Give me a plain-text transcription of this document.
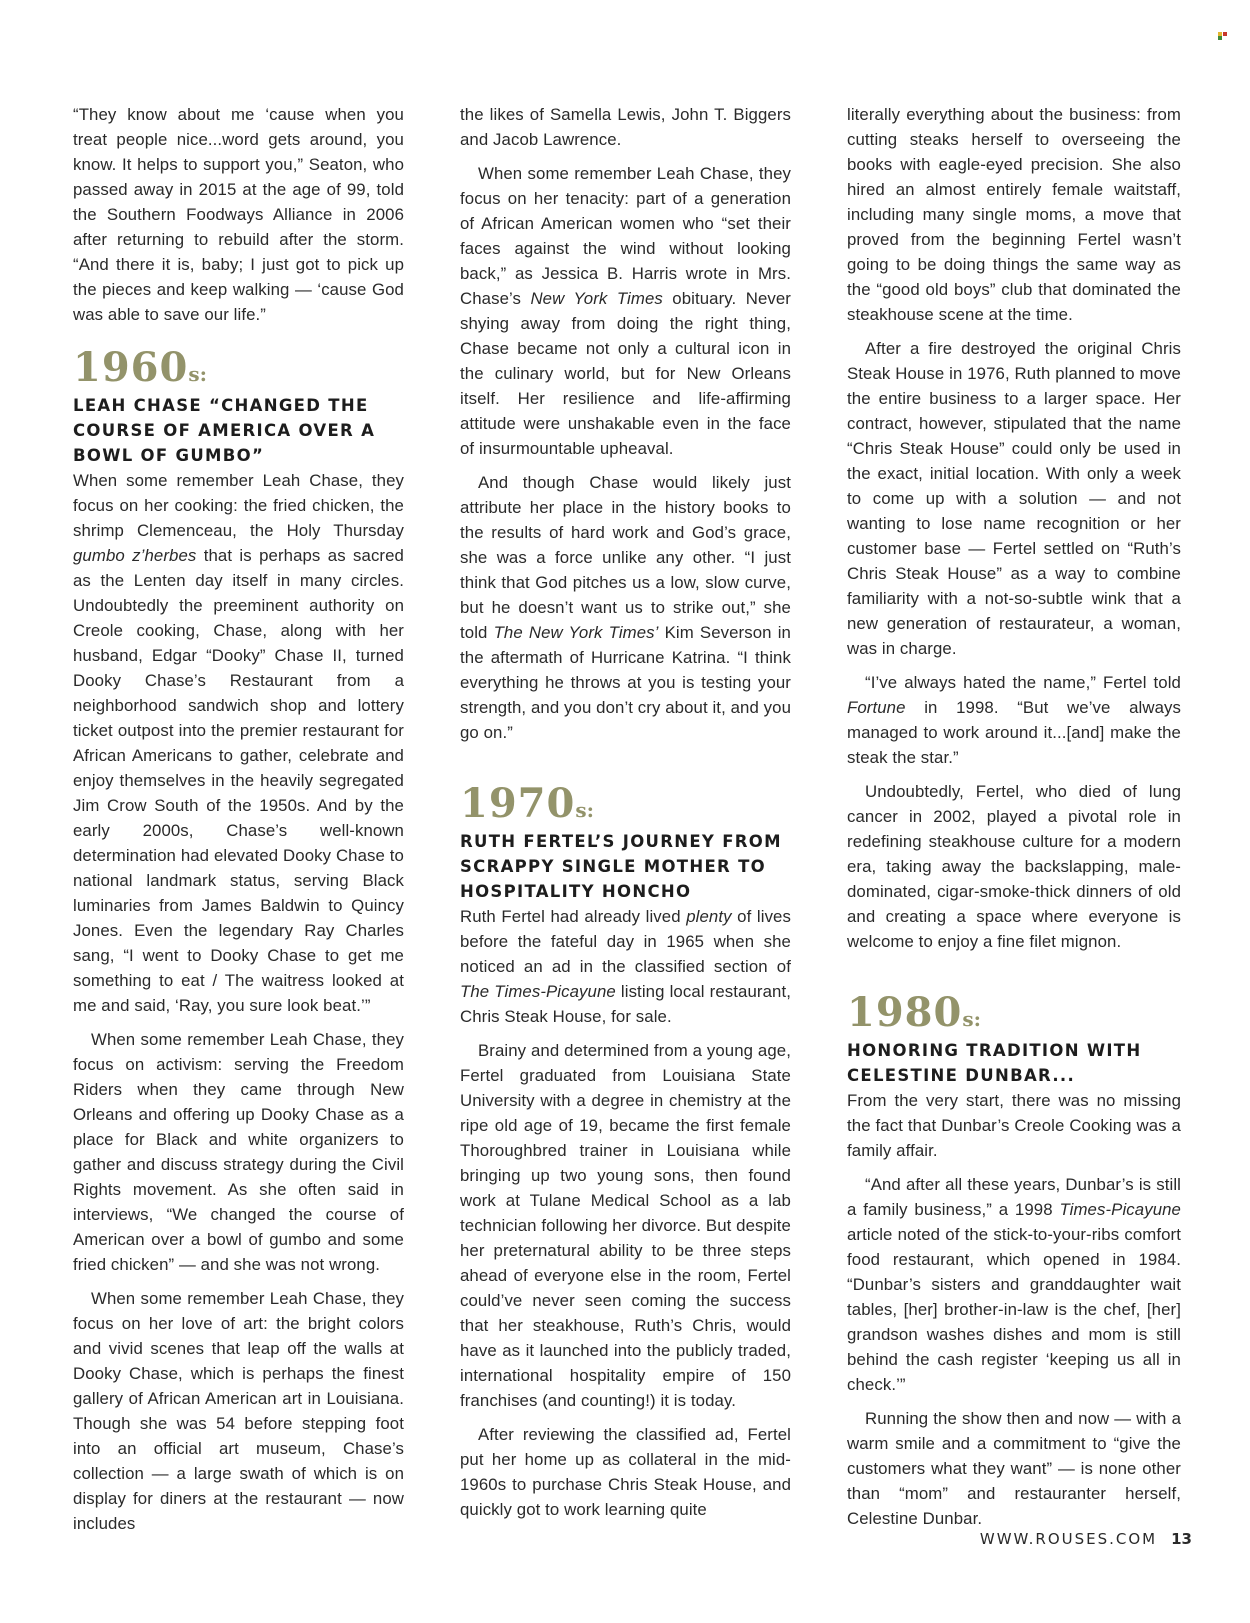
“They know about me ‘cause when you treat people nice...word gets around, you know. It helps to support you,” Seaton, who passed away in 2015 at the age of 99, told the Southern Foodways Alliance in 2006 after returning to rebuild after the storm. “And there it is, baby; I just got to pick up the pieces and keep walking — ‘cause God was able to save our life.”

1960s:
LEAH CHASE “CHANGED THE COURSE OF AMERICA OVER A BOWL OF GUMBO”

When some remember Leah Chase, they focus on her cooking: the fried chicken, the shrimp Clemenceau, the Holy Thursday gumbo z’herbes that is perhaps as sacred as the Lenten day itself in many circles. Undoubtedly the preeminent authority on Creole cooking, Chase, along with her husband, Edgar “Dooky” Chase II, turned Dooky Chase’s Restaurant from a neighborhood sandwich shop and lottery ticket outpost into the premier restaurant for African Americans to gather, celebrate and enjoy themselves in the heavily segregated Jim Crow South of the 1950s. And by the early 2000s, Chase’s well-known determination had elevated Dooky Chase to national landmark status, serving Black luminaries from James Baldwin to Quincy Jones. Even the legendary Ray Charles sang, “I went to Dooky Chase to get me something to eat / The waitress looked at me and said, ‘Ray, you sure look beat.’”

When some remember Leah Chase, they focus on activism: serving the Freedom Riders when they came through New Orleans and offering up Dooky Chase as a place for Black and white organizers to gather and discuss strategy during the Civil Rights movement. As she often said in interviews, “We changed the course of American over a bowl of gumbo and some fried chicken” — and she was not wrong.

When some remember Leah Chase, they focus on her love of art: the bright colors and vivid scenes that leap off the walls at Dooky Chase, which is perhaps the finest gallery of African American art in Louisiana. Though she was 54 before stepping foot into an official art museum, Chase’s collection — a large swath of which is on display for diners at the restaurant — now includes

the likes of Samella Lewis, John T. Biggers and Jacob Lawrence.

When some remember Leah Chase, they focus on her tenacity: part of a generation of African American women who “set their faces against the wind without looking back,” as Jessica B. Harris wrote in Mrs. Chase’s New York Times obituary. Never shying away from doing the right thing, Chase became not only a cultural icon in the culinary world, but for New Orleans itself. Her resilience and life-affirming attitude were unshakable even in the face of insurmountable upheaval.

And though Chase would likely just attribute her place in the history books to the results of hard work and God’s grace, she was a force unlike any other. “I just think that God pitches us a low, slow curve, but he doesn’t want us to strike out,” she told The New York Times’ Kim Severson in the aftermath of Hurricane Katrina. “I think everything he throws at you is testing your strength, and you don’t cry about it, and you go on.”

1970s:
RUTH FERTEL’S JOURNEY FROM SCRAPPY SINGLE MOTHER TO HOSPITALITY HONCHO

Ruth Fertel had already lived plenty of lives before the fateful day in 1965 when she noticed an ad in the classified section of The Times-Picayune listing local restaurant, Chris Steak House, for sale.

Brainy and determined from a young age, Fertel graduated from Louisiana State University with a degree in chemistry at the ripe old age of 19, became the first female Thoroughbred trainer in Louisiana while bringing up two young sons, then found work at Tulane Medical School as a lab technician following her divorce. But despite her preternatural ability to be three steps ahead of everyone else in the room, Fertel could’ve never seen coming the success that her steakhouse, Ruth’s Chris, would have as it launched into the publicly traded, international hospitality empire of 150 franchises (and counting!) it is today.

After reviewing the classified ad, Fertel put her home up as collateral in the mid-1960s to purchase Chris Steak House, and quickly got to work learning quite

literally everything about the business: from cutting steaks herself to overseeing the books with eagle-eyed precision. She also hired an almost entirely female waitstaff, including many single moms, a move that proved from the beginning Fertel wasn’t going to be doing things the same way as the “good old boys” club that dominated the steakhouse scene at the time.

After a fire destroyed the original Chris Steak House in 1976, Ruth planned to move the entire business to a larger space. Her contract, however, stipulated that the name “Chris Steak House” could only be used in the exact, initial location. With only a week to come up with a solution — and not wanting to lose name recognition or her customer base — Fertel settled on “Ruth’s Chris Steak House” as a way to combine familiarity with a not-so-subtle wink that a new generation of restaurateur, a woman, was in charge.

“I’ve always hated the name,” Fertel told Fortune in 1998. “But we’ve always managed to work around it...[and] make the steak the star.”

Undoubtedly, Fertel, who died of lung cancer in 2002, played a pivotal role in redefining steakhouse culture for a modern era, taking away the backslapping, male-dominated, cigar-smoke-thick dinners of old and creating a space where everyone is welcome to enjoy a fine filet mignon.

1980s:
HONORING TRADITION WITH CELESTINE DUNBAR...

From the very start, there was no missing the fact that Dunbar’s Creole Cooking was a family affair.

“And after all these years, Dunbar’s is still a family business,” a 1998 Times-Picayune article noted of the stick-to-your-ribs comfort food restaurant, which opened in 1984. “Dunbar’s sisters and granddaughter wait tables, [her] brother-in-law is the chef, [her] grandson washes dishes and mom is still behind the cash register ‘keeping us all in check.’”

Running the show then and now — with a warm smile and a commitment to “give the customers what they want” — is none other than “mom” and restauranter herself, Celestine Dunbar.

WWW.ROUSES.COM 13
